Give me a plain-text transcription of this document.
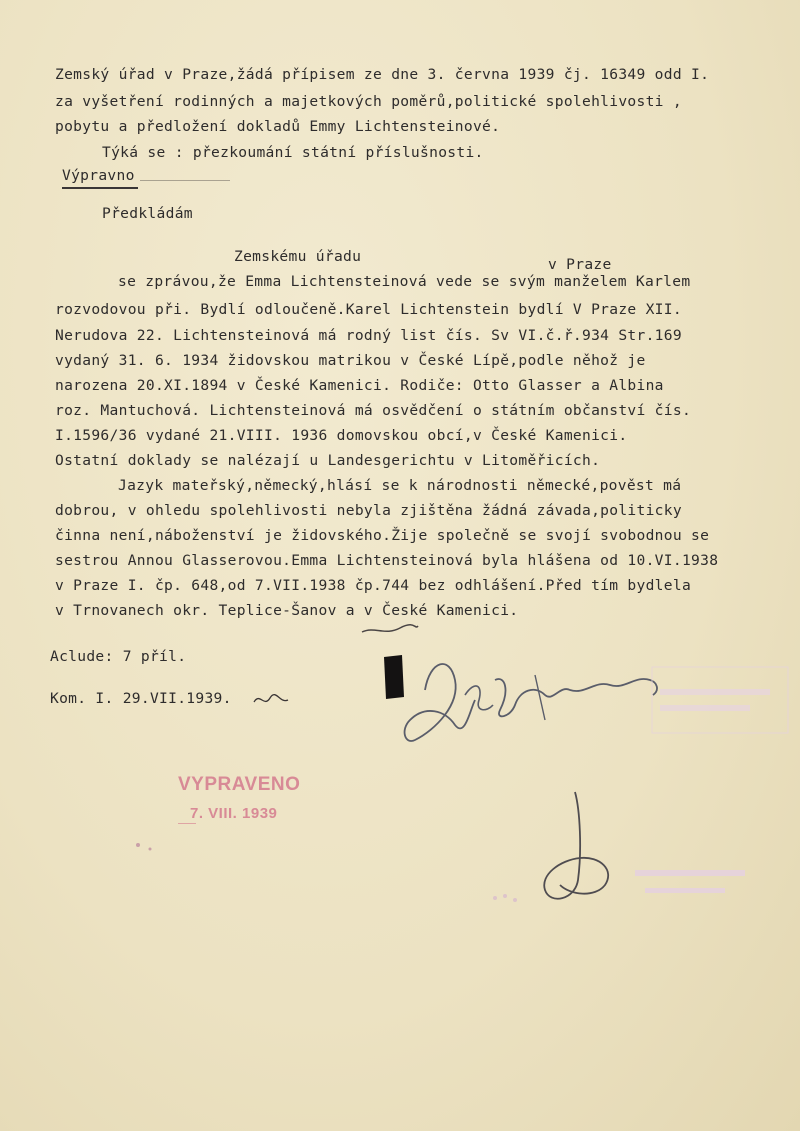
Zemský úřad v Praze,žádá přípisem ze dne 3. června 1939 čj. 16349 odd I.
za vyšetření rodinných a majetkových poměrů,politické spolehlivosti ,
pobytu a předložení dokladů Emmy Lichtensteinové.
Týká se : přezkoumání státní příslušnosti.
Výpravno
Předkládám
Zemskému úřadu	v Praze
se zprávou,že Emma Lichtensteinová vede se svým manželem Karlem
rozvodovou při. Bydlí odloučeně.Karel Lichtenstein bydlí V Praze XII.
Nerudova 22. Lichtensteinová má rodný list čís. Sv VI.č.ř.934 Str.169
vydaný 31. 6. 1934 židovskou matrikou v České Lípě,podle něhož je
narozena 20.XI.1894 v České Kamenici. Rodiče: Otto Glasser a Albina
roz. Mantuchová. Lichtensteinová má osvědčení o státním občanství čís.
I.1596/36 vydané 21.VIII. 1936 domovskou obcí,v České Kamenici.
Ostatní doklady se nalézají u Landesgerichtu v Litoměřicích.
Jazyk mateřský,německý,hlásí se k národnosti německé,pověst má
dobrou, v ohledu spolehlivosti nebyla zjištěna žádná závada,politicky
činna není,náboženství je židovského.Žije společně se svojí svobodnou se
sestrou Annou Glasserovou.Emma Lichtensteinová byla hlášena od 10.VI.1938
v Praze I. čp. 648,od 7.VII.1938 čp.744 bez odhlášení.Před tím bydlela
v Trnovanech okr. Teplice-Šanov a v České Kamenici.
Aclude: 7 příl.
Kom. I. 29.VII.1939.
VYPRAVENO
7. VIII. 1939
